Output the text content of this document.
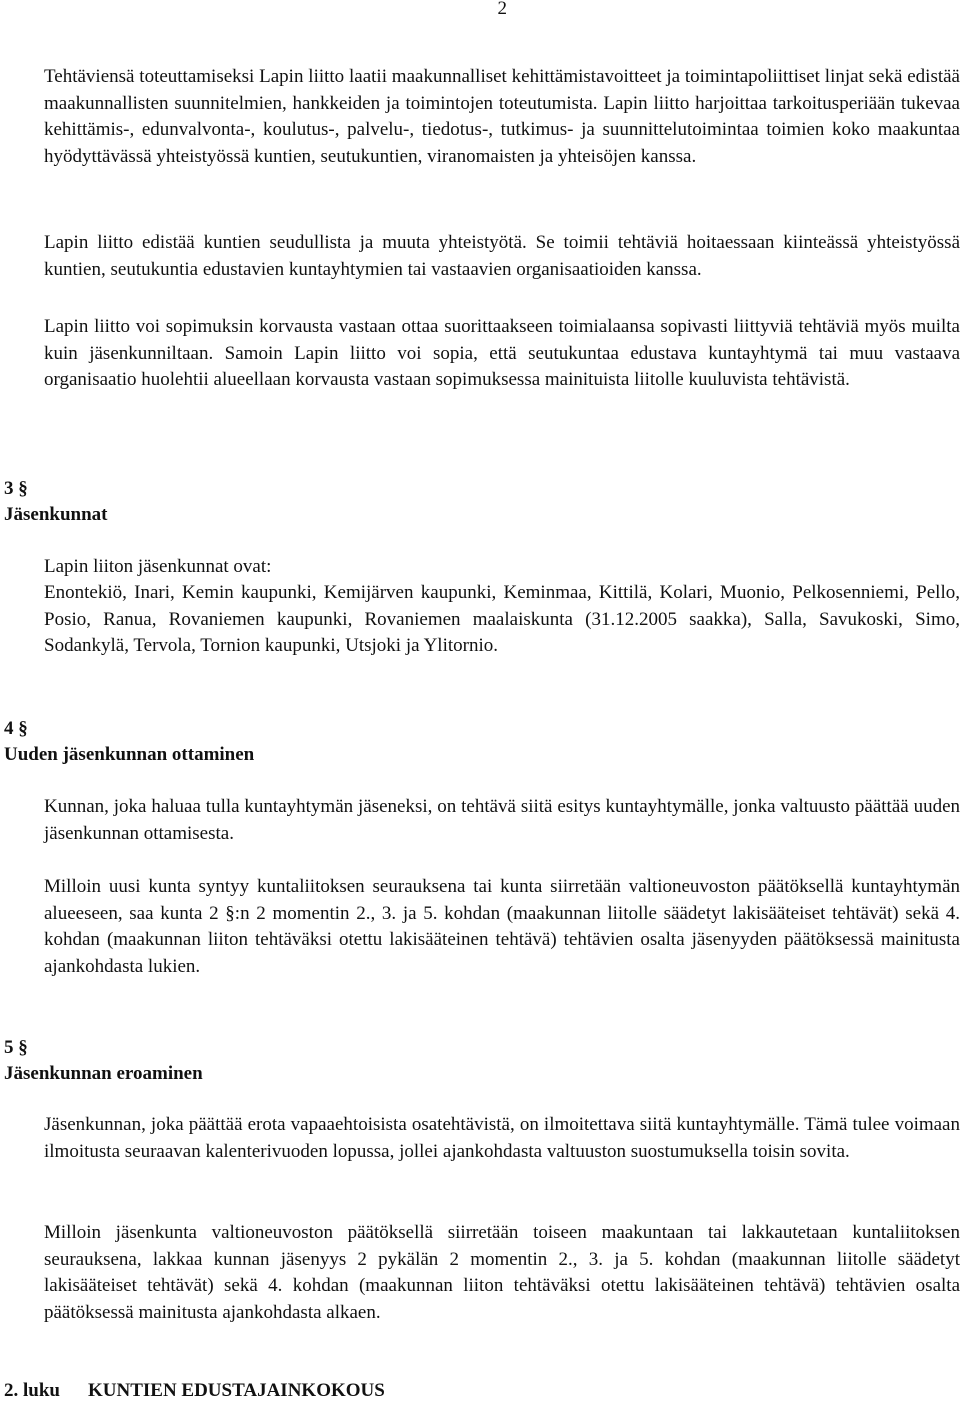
2

Tehtäviensä toteuttamiseksi Lapin liitto laatii maakunnalliset kehittämistavoitteet ja toimintapoliittiset linjat sekä edistää maakunnallisten suunnitelmien, hankkeiden ja toimintojen toteutumista. Lapin liitto harjoittaa tarkoitusperiään tukevaa kehittämis-, edunvalvonta-, koulutus-, palvelu-, tiedotus-, tutkimus- ja suunnittelutoimintaa toimien koko maakuntaa hyödyttävässä yhteistyössä kuntien, seutukuntien, viranomaisten ja yhteisöjen kanssa.

Lapin liitto edistää kuntien seudullista ja muuta yhteistyötä. Se toimii tehtäviä hoitaessaan kiinteässä yhteistyössä kuntien, seutukuntia edustavien kuntayhtymien tai vastaavien organisaatioiden kanssa.

Lapin liitto voi sopimuksin korvausta vastaan ottaa suorittaakseen toimialaansa sopivasti liittyviä tehtäviä myös muilta kuin jäsenkunniltaan. Samoin Lapin liitto voi sopia, että seutukuntaa edustava kuntayhtymä tai muu vastaava organisaatio huolehtii alueellaan korvausta vastaan sopimuksessa mainituista liitolle kuuluvista tehtävistä.

3 §
Jäsenkunnat

Lapin liiton jäsenkunnat ovat:

Enontekiö, Inari, Kemin kaupunki, Kemijärven kaupunki, Keminmaa, Kittilä, Kolari, Muonio, Pelkosenniemi, Pello, Posio, Ranua, Rovaniemen kaupunki, Rovaniemen maalaiskunta (31.12.2005 saakka), Salla, Savukoski, Simo, Sodankylä, Tervola, Tornion kaupunki, Utsjoki ja Ylitornio.

4 §
Uuden jäsenkunnan ottaminen

Kunnan, joka haluaa tulla kuntayhtymän jäseneksi, on tehtävä siitä esitys kuntayhtymälle, jonka valtuusto päättää uuden jäsenkunnan ottamisesta.

Milloin uusi kunta syntyy kuntaliitoksen seurauksena tai kunta siirretään valtioneuvoston päätöksellä kuntayhtymän alueeseen, saa kunta 2 §:n 2 momentin 2., 3. ja 5. kohdan (maakunnan liitolle säädetyt lakisääteiset tehtävät) sekä 4. kohdan (maakunnan liiton tehtäväksi otettu lakisääteinen tehtävä) tehtävien osalta jäsenyyden päätöksessä mainitusta ajankohdasta lukien.

5 §
Jäsenkunnan eroaminen

Jäsenkunnan, joka päättää erota vapaaehtoisista osatehtävistä, on ilmoitettava siitä kuntayhtymälle. Tämä tulee voimaan ilmoitusta seuraavan kalenterivuoden lopussa, jollei ajankohdasta valtuuston suostumuksella toisin sovita.

Milloin jäsenkunta valtioneuvoston päätöksellä siirretään toiseen maakuntaan tai lakkautetaan kuntaliitoksen seurauksena, lakkaa kunnan jäsenyys 2 pykälän 2 momentin 2., 3. ja 5. kohdan (maakunnan liitolle säädetyt lakisääteiset tehtävät) sekä 4. kohdan (maakunnan liiton tehtäväksi otettu lakisääteinen tehtävä) tehtävien osalta päätöksessä mainitusta ajankohdasta alkaen.

2. luku KUNTIEN EDUSTAJAINKOKOUS
